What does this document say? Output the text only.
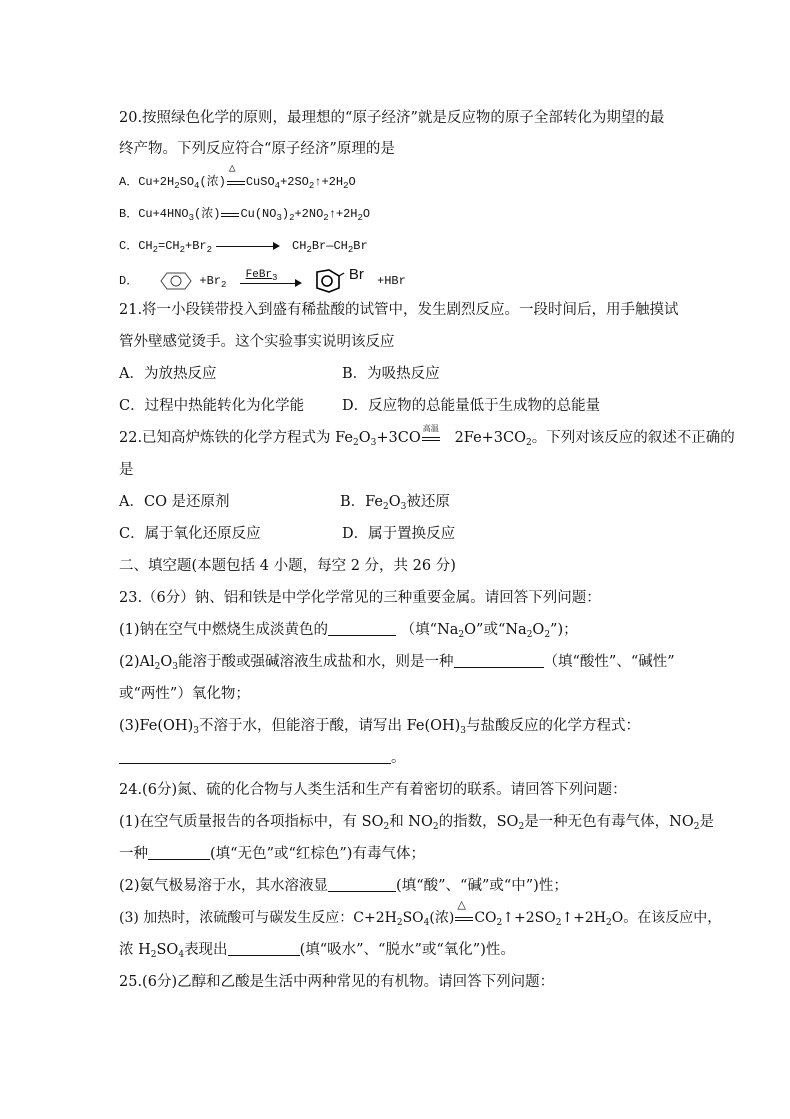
20.按照绿色化学的原则，最理想的“原子经济”就是反应物的原子全部转化为期望的最
终产物。下列反应符合“原子经济”原理的是
A．$Cu+2H_2SO_4$(浓)
△
$CuSO_4+2SO_2↑+2H_2O$
B．$Cu+4HNO_3$(浓) $Cu(NO_3)_2+2NO_2↑+2H_2O$
C．$CH_2=CH_2+Br_2$	$CH_2Br—CH_2Br$
D．	$+Br_2$
FeBr$_3$	Br +HBr
21.将一小段镁带投入到盛有稀盐酸的试管中，发生剧烈反应。一段时间后，用手触摸试
管外壁感觉烫手。这个实验事实说明该反应
A．为放热反应	B．为吸热反应
C．过程中热能转化为化学能	D．反应物的总能量低于生成物的总能量
22.已知高炉炼铁的化学方程式为 $Fe_2O_3+3CO$
高温
$2Fe+3CO_2$。下列对该反应的叙述不正确的
是
A．CO 是还原剂	B．$Fe_2O_3$被还原
C．属于氧化还原反应	D．属于置换反应
二、填空题(本题包括 4 小题，每空 2 分，共 26 分)
23.（6分）钠、铝和铁是中学化学常见的三种重要金属。请回答下列问题：
(1)钠在空气中燃烧生成淡黄色的	（填“$Na_2O$”或“$Na_2O_2$”)；
$(2)Al_2O_3$能溶于酸或强碱溶液生成盐和水，则是一种	（填“酸性”、“碱性”
或“两性”）氧化物；
$(3)Fe(OH)_3$不溶于水，但能溶于酸，请写出 $Fe(OH)_3$与盐酸反应的化学方程式：
。
24.(6分)氮、硫的化合物与人类生活和生产有着密切的联系。请回答下列问题：
(1)在空气质量报告的各项指标中，有 $SO_2$和 $NO_2$的指数，$SO_2$是一种无色有毒气体，$NO_2$是
一种	(填“无色”或“红棕色”)有毒气体；
(2)氨气极易溶于水，其水溶液显	(填“酸”、“碱”或“中”)性；
(3) 加热时，浓硫酸可与碳发生反应：$C+2H_2SO_4$(浓)
△
$CO_2↑+2SO_2↑+2H_2O$。在该反应中，
浓 $H_2SO_4$表现出	(填“吸水”、“脱水”或“氧化”)性。
25.(6分)乙醇和乙酸是生活中两种常见的有机物。请回答下列问题：
